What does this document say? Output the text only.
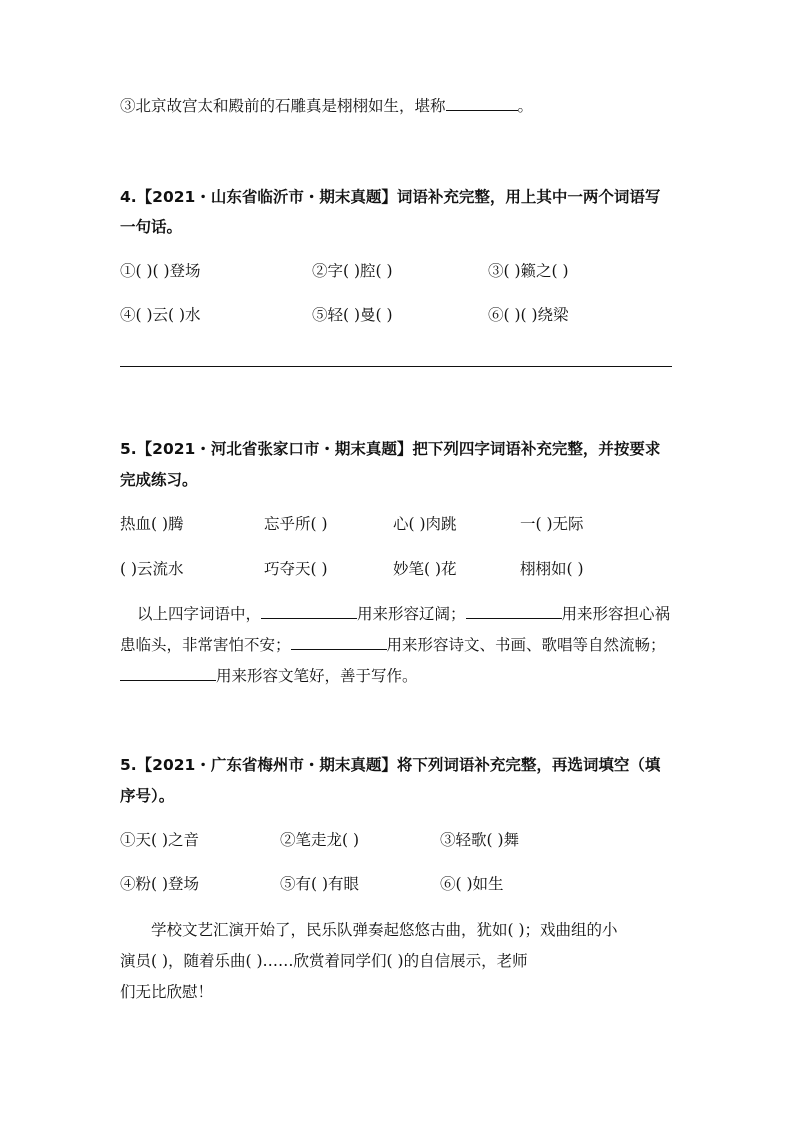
③北京故宫太和殿前的石雕真是栩栩如生，堪称	。
4.【2021・山东省临沂市・期末真题】词语补充完整，用上其中一两个词语写
一句话。
①( )( )登场	②字( )腔( )	③( )籁之( )
④( )云( )水	⑤轻( )曼( )	⑥( )( )绕梁
5.【2021・河北省张家口市・期末真题】把下列四字词语补充完整，并按要求
完成练习。
热血( )腾	忘乎所( )	心( )肉跳	一( )无际
( )云流水	巧夺天( )	妙笔( )花	栩栩如( )
以上四字词语中，	用来形容辽阔；	用来形容担心祸
患临头，非常害怕不安；	用来形容诗文、书画、歌唱等自然流畅；
用来形容文笔好，善于写作。
5.【2021・广东省梅州市・期末真题】将下列词语补充完整，再选词填空（填
序号）。
①天( )之音	②笔走龙( )	③轻歌( )舞
④粉( )登场	⑤有( )有眼	⑥( )如生
学校文艺汇演开始了，民乐队弹奏起悠悠古曲，犹如( )；戏曲组的小
演员( )，随着乐曲( )……欣赏着同学们( )的自信展示，老师
们无比欣慰！
